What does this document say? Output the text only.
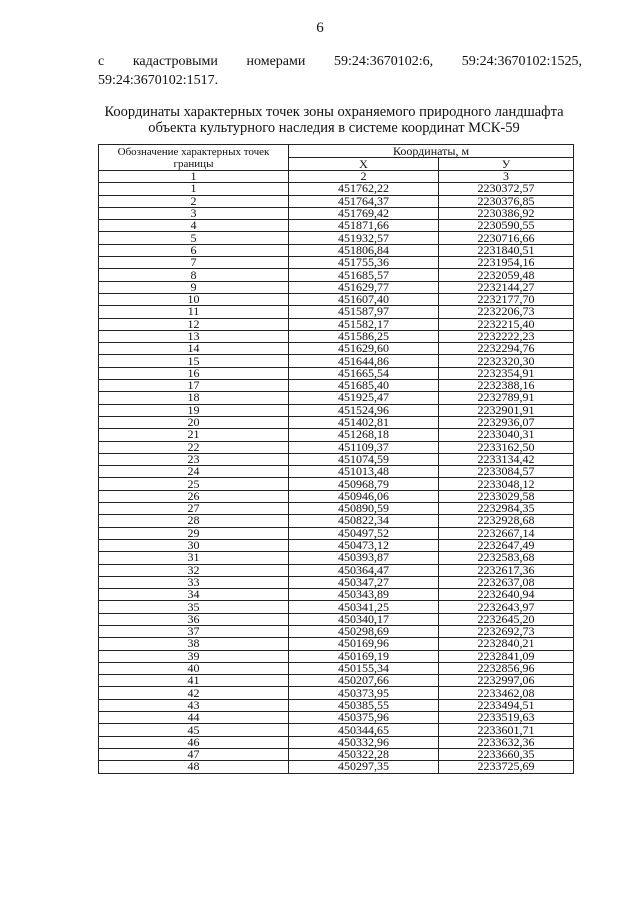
6
с кадастровыми номерами 59:24:3670102:6, 59:24:3670102:1525,
59:24:3670102:1517.
Координаты характерных точек зоны охраняемого природного ландшафта
объекта культурного наследия в системе координат МСК-59
Обозначение характерных точек границы	Координаты, м	
	X	У
1	2	3
1	451762,22	2230372,57
2	451764,37	2230376,85
3	451769,42	2230386,92
4	451871,66	2230590,55
5	451932,57	2230716,66
6	451806,84	2231840,51
7	451755,36	2231954,16
8	451685,57	2232059,48
9	451629,77	2232144,27
10	451607,40	2232177,70
11	451587,97	2232206,73
12	451582,17	2232215,40
13	451586,25	2232222,23
14	451629,60	2232294,76
15	451644,86	2232320,30
16	451665,54	2232354,91
17	451685,40	2232388,16
18	451925,47	2232789,91
19	451524,96	2232901,91
20	451402,81	2232936,07
21	451268,18	2233040,31
22	451109,37	2233162,50
23	451074,59	2233134,42
24	451013,48	2233084,57
25	450968,79	2233048,12
26	450946,06	2233029,58
27	450890,59	2232984,35
28	450822,34	2232928,68
29	450497,52	2232667,14
30	450473,12	2232647,49
31	450393,87	2232583,68
32	450364,47	2232617,36
33	450347,27	2232637,08
34	450343,89	2232640,94
35	450341,25	2232643,97
36	450340,17	2232645,20
37	450298,69	2232692,73
38	450169,96	2232840,21
39	450169,19	2232841,09
40	450155,34	2232856,96
41	450207,66	2232997,06
42	450373,95	2233462,08
43	450385,55	2233494,51
44	450375,96	2233519,63
45	450344,65	2233601,71
46	450332,96	2233632,36
47	450322,28	2233660,35
48	450297,35	2233725,69
